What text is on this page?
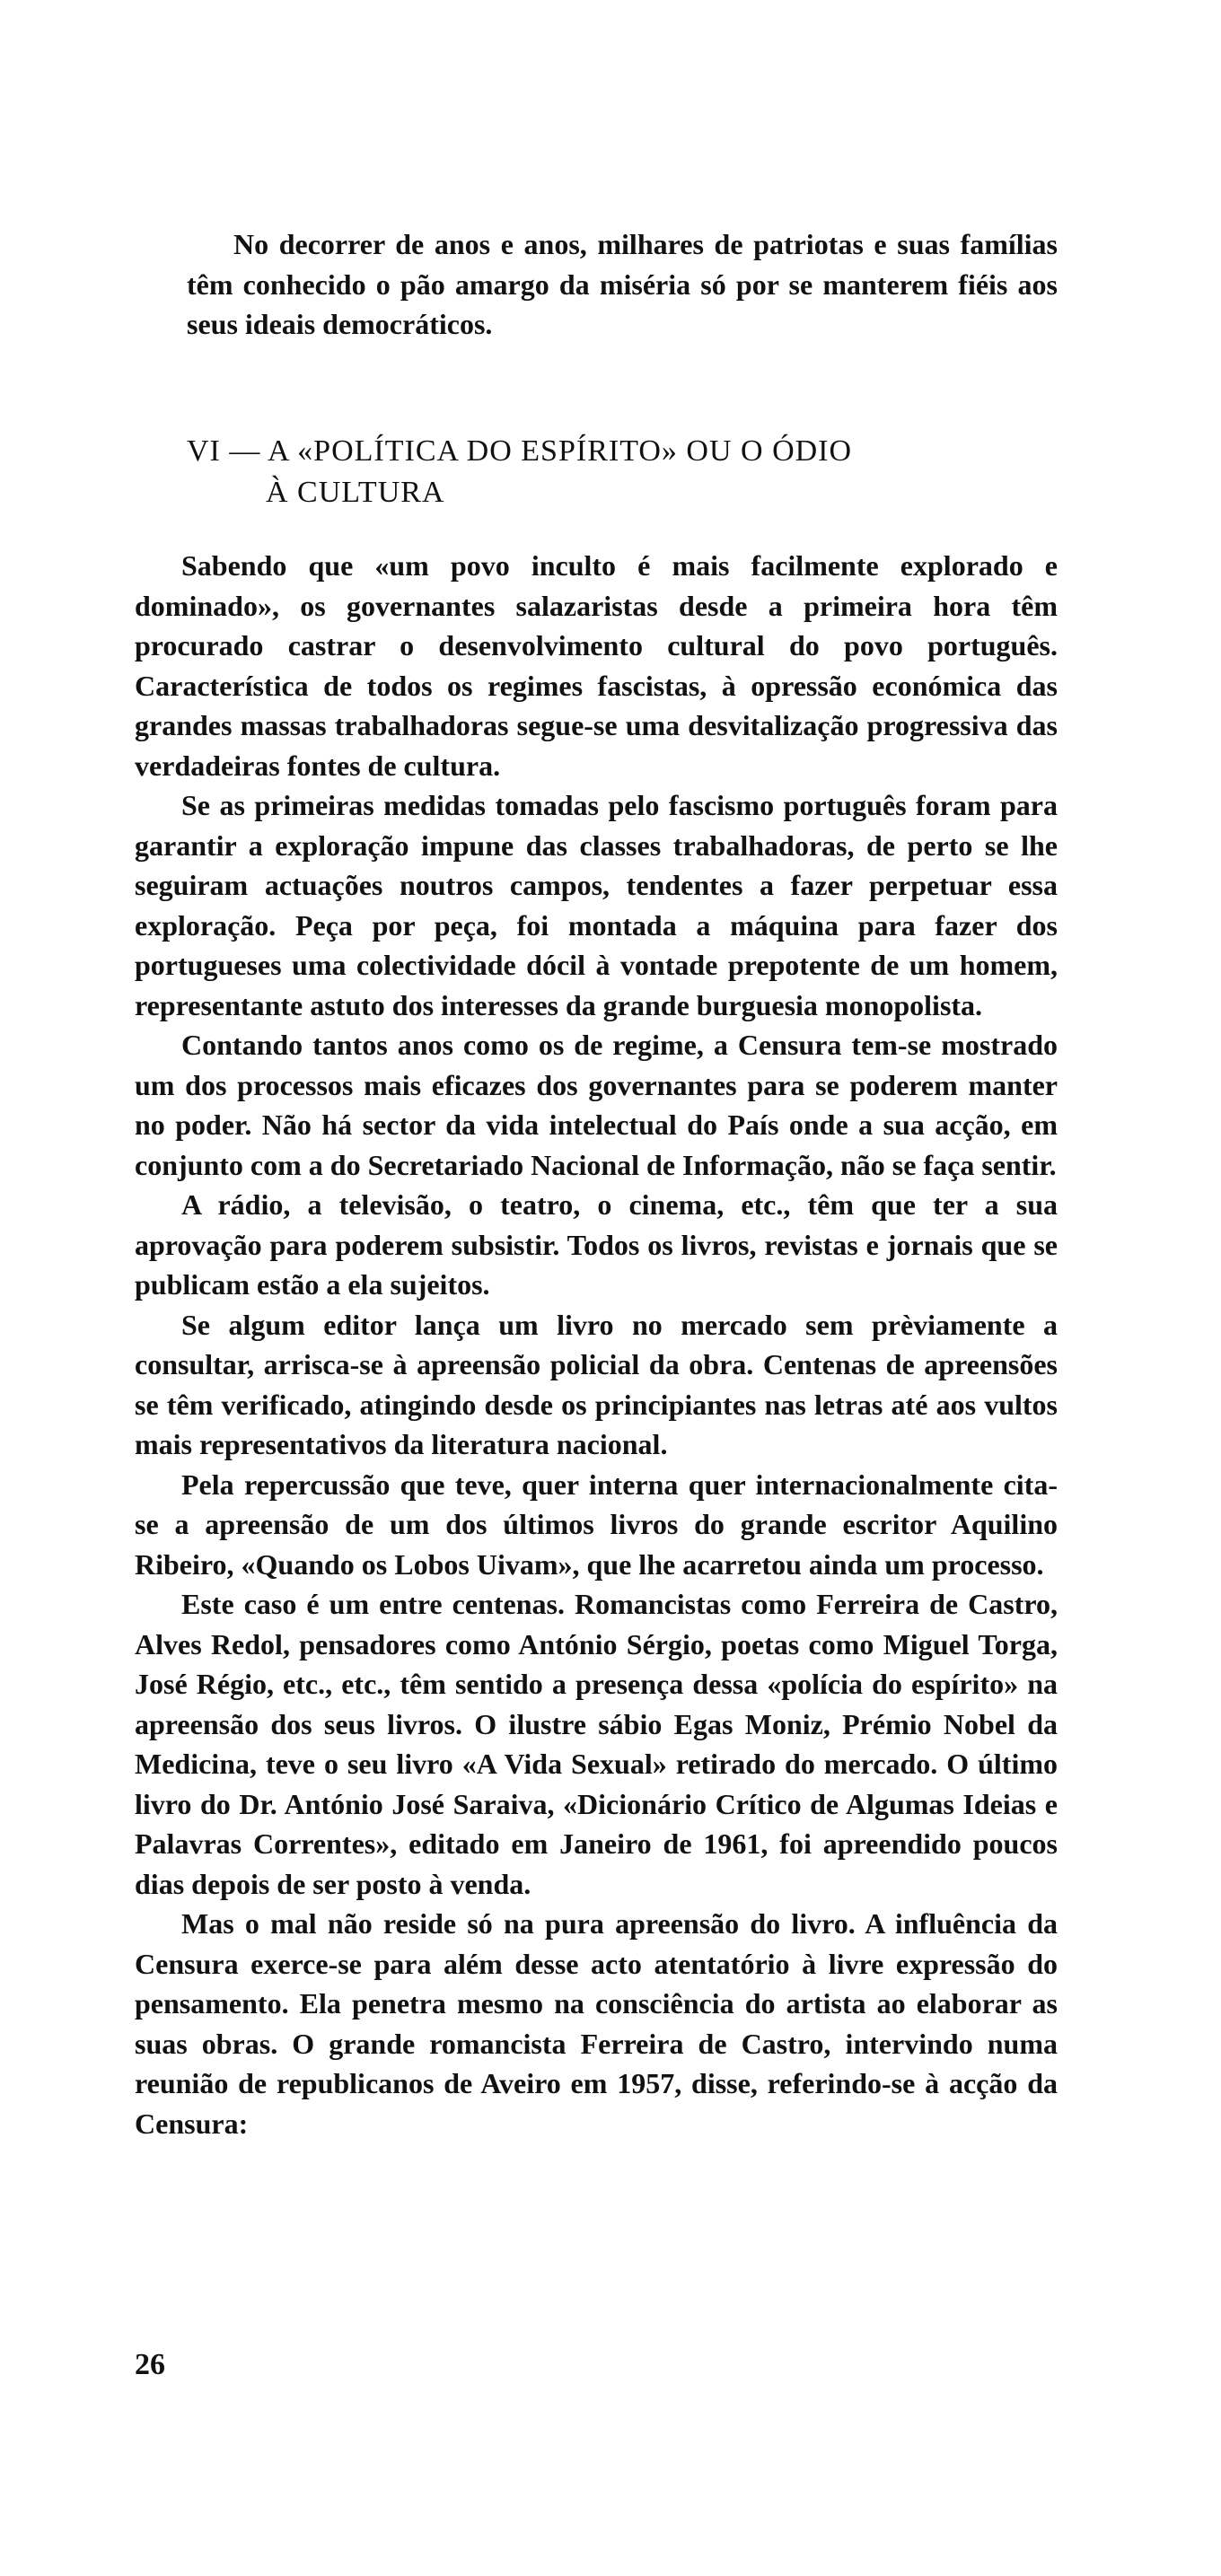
No decorrer de anos e anos, milhares de patriotas e suas famílias têm conhecido o pão amargo da miséria só por se manterem fiéis aos seus ideais democráticos.

VI — A «POLÍTICA DO ESPÍRITO» OU O ÓDIO
À CULTURA

Sabendo que «um povo inculto é mais facilmente explorado e dominado», os governantes salazaristas desde a primeira hora têm procurado castrar o desenvolvimento cultural do povo português. Característica de todos os regimes fascistas, à opressão económica das grandes massas trabalhadoras segue-se uma desvitalização progressiva das verdadeiras fontes de cultura.

Se as primeiras medidas tomadas pelo fascismo português foram para garantir a exploração impune das classes trabalhadoras, de perto se lhe seguiram actuações noutros campos, tendentes a fazer perpetuar essa exploração. Peça por peça, foi montada a máquina para fazer dos portugueses uma colectividade dócil à vontade prepotente de um homem, representante astuto dos interesses da grande burguesia monopolista.

Contando tantos anos como os de regime, a Censura tem-se mostrado um dos processos mais eficazes dos governantes para se poderem manter no poder. Não há sector da vida intelectual do País onde a sua acção, em conjunto com a do Secretariado Nacional de Informação, não se faça sentir.

A rádio, a televisão, o teatro, o cinema, etc., têm que ter a sua aprovação para poderem subsistir. Todos os livros, revistas e jornais que se publicam estão a ela sujeitos.

Se algum editor lança um livro no mercado sem prèviamente a consultar, arrisca-se à apreensão policial da obra. Centenas de apreensões se têm verificado, atingindo desde os principiantes nas letras até aos vultos mais representativos da literatura nacional.

Pela repercussão que teve, quer interna quer internacionalmente cita-se a apreensão de um dos últimos livros do grande escritor Aquilino Ribeiro, «Quando os Lobos Uivam», que lhe acarretou ainda um processo.

Este caso é um entre centenas. Romancistas como Ferreira de Castro, Alves Redol, pensadores como António Sérgio, poetas como Miguel Torga, José Régio, etc., etc., têm sentido a presença dessa «polícia do espírito» na apreensão dos seus livros. O ilustre sábio Egas Moniz, Prémio Nobel da Medicina, teve o seu livro «A Vida Sexual» retirado do mercado. O último livro do Dr. António José Saraiva, «Dicionário Crítico de Algumas Ideias e Palavras Correntes», editado em Janeiro de 1961, foi apreendido poucos dias depois de ser posto à venda.

Mas o mal não reside só na pura apreensão do livro. A influência da Censura exerce-se para além desse acto atentatório à livre expressão do pensamento. Ela penetra mesmo na consciência do artista ao elaborar as suas obras. O grande romancista Ferreira de Castro, intervindo numa reunião de republicanos de Aveiro em 1957, disse, referindo-se à acção da Censura:

26
